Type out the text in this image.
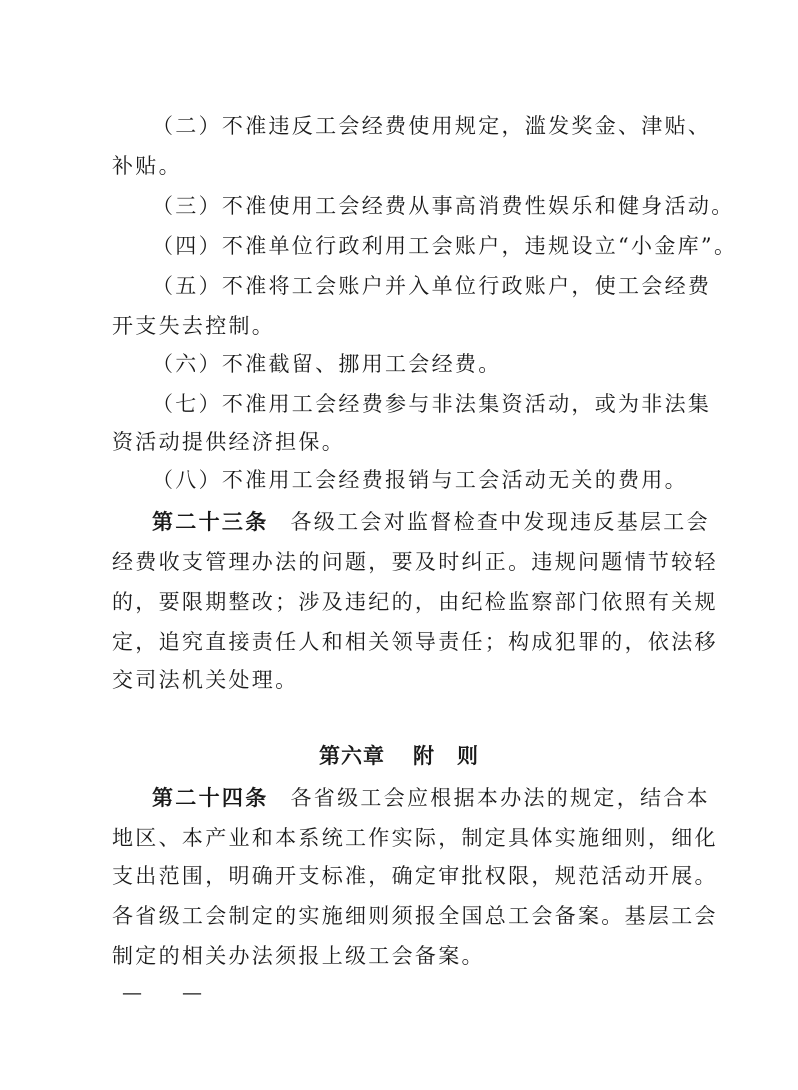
（二）不准违反工会经费使用规定，滥发奖金、津贴、
补贴。
（三）不准使用工会经费从事高消费性娱乐和健身活动。
（四）不准单位行政利用工会账户，违规设立“小金库”。
（五）不准将工会账户并入单位行政账户，使工会经费
开支失去控制。
（六）不准截留、挪用工会经费。
（七）不准用工会经费参与非法集资活动，或为非法集
资活动提供经济担保。
（八）不准用工会经费报销与工会活动无关的费用。
第二十三条 各级工会对监督检查中发现违反基层工会
经费收支管理办法的问题，要及时纠正。违规问题情节较轻
的，要限期整改；涉及违纪的，由纪检监察部门依照有关规
定，追究直接责任人和相关领导责任；构成犯罪的，依法移
交司法机关处理。
第六章 附　则
第二十四条 各省级工会应根据本办法的规定，结合本
地区、本产业和本系统工作实际，制定具体实施细则，细化
支出范围，明确开支标准，确定审批权限，规范活动开展。
各省级工会制定的实施细则须报全国总工会备案。基层工会
制定的相关办法须报上级工会备案。
— —
